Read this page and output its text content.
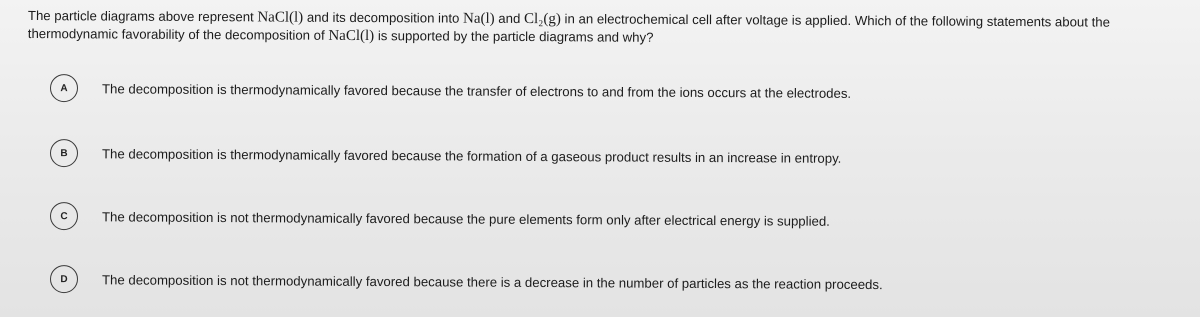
The particle diagrams above represent NaCl(l) and its decomposition into Na(l) and Cl₂(g) in an electrochemical cell after voltage is applied. Which of the following statements about the thermodynamic favorability of the decomposition of NaCl(l) is supported by the particle diagrams and why?
A	The decomposition is thermodynamically favored because the transfer of electrons to and from the ions occurs at the electrodes.
B	The decomposition is thermodynamically favored because the formation of a gaseous product results in an increase in entropy.
C	The decomposition is not thermodynamically favored because the pure elements form only after electrical energy is supplied.
D	The decomposition is not thermodynamically favored because there is a decrease in the number of particles as the reaction proceeds.
